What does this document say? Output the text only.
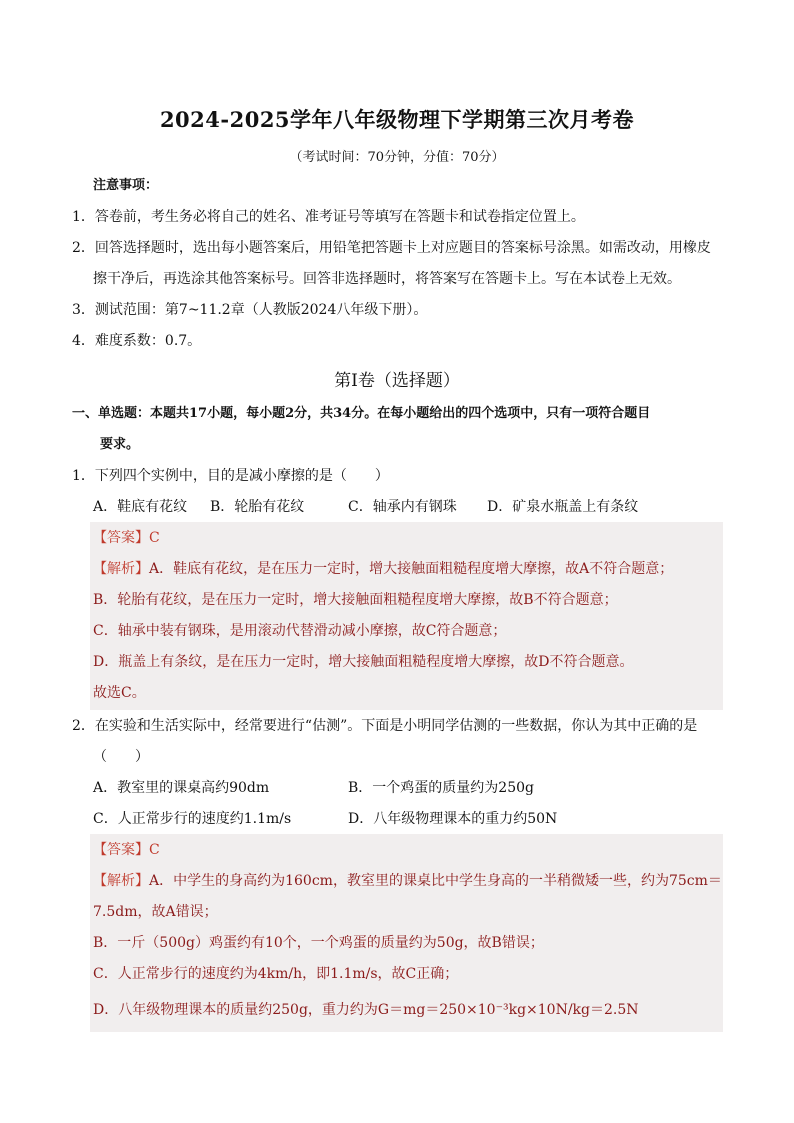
2024-2025学年八年级物理下学期第三次月考卷
（考试时间：70分钟，分值：70分）
注意事项：
1．答卷前，考生务必将自己的姓名、准考证号等填写在答题卡和试卷指定位置上。
2．回答选择题时，选出每小题答案后，用铅笔把答题卡上对应题目的答案标号涂黑。如需改动，用橡皮
擦干净后，再选涂其他答案标号。回答非选择题时，将答案写在答题卡上。写在本试卷上无效。
3．测试范围：第7~11.2章（人教版2024八年级下册）。
4．难度系数：0.7。
第Ⅰ卷（选择题）
一、单选题：本题共17小题，每小题2分，共34分。在每小题给出的四个选项中，只有一项符合题目
要求。
1．下列四个实例中，目的是减小摩擦的是（　　）
A．鞋底有花纹 B．轮胎有花纹	C．轴承内有钢珠 D．矿泉水瓶盖上有条纹
【答案】C
【解析】A．鞋底有花纹，是在压力一定时，增大接触面粗糙程度增大摩擦，故A不符合题意；
B．轮胎有花纹，是在压力一定时，增大接触面粗糙程度增大摩擦，故B不符合题意；
C．轴承中装有钢珠，是用滚动代替滑动减小摩擦，故C符合题意；
D．瓶盖上有条纹，是在压力一定时，增大接触面粗糙程度增大摩擦，故D不符合题意。
故选C。
2．在实验和生活实际中，经常要进行“估测”。下面是小明同学估测的一些数据，你认为其中正确的是
（　　）
A．教室里的课桌高约90dm	B．一个鸡蛋的质量约为250g
C．人正常步行的速度约1.1m/s	D．八年级物理课本的重力约50N
【答案】C
【解析】A．中学生的身高约为160cm，教室里的课桌比中学生身高的一半稍微矮一些，约为75cm＝
7.5dm，故A错误；
B．一斤（500g）鸡蛋约有10个，一个鸡蛋的质量约为50g，故B错误；
C．人正常步行的速度约为4km/h，即1.1m/s，故C正确；
D．八年级物理课本的质量约250g，重力约为G＝mg＝250×10⁻³kg×10N/kg＝2.5N
